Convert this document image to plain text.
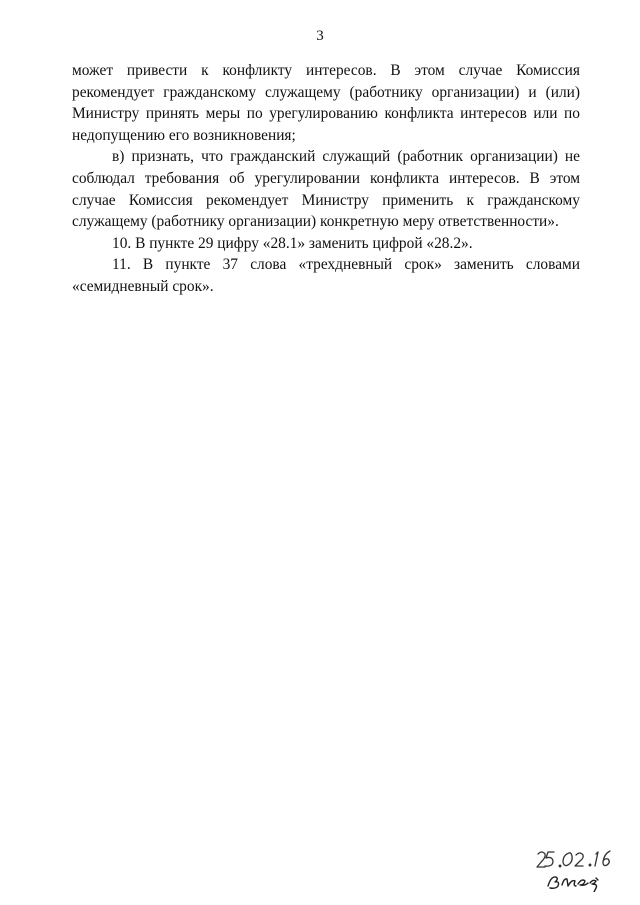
3

может привести к конфликту интересов. В этом случае Комиссия рекомендует гражданскому служащему (работнику организации) и (или) Министру принять меры по урегулированию конфликта интересов или по недопущению его возникновения;

в) признать, что гражданский служащий (работник организации) не соблюдал требования об урегулировании конфликта интересов. В этом случае Комиссия рекомендует Министру применить к гражданскому служащему (работнику организации) конкретную меру ответственности».

10. В пункте 29 цифру «28.1» заменить цифрой «28.2».

11. В пункте 37 слова «трехдневный срок» заменить словами «семидневный срок».
